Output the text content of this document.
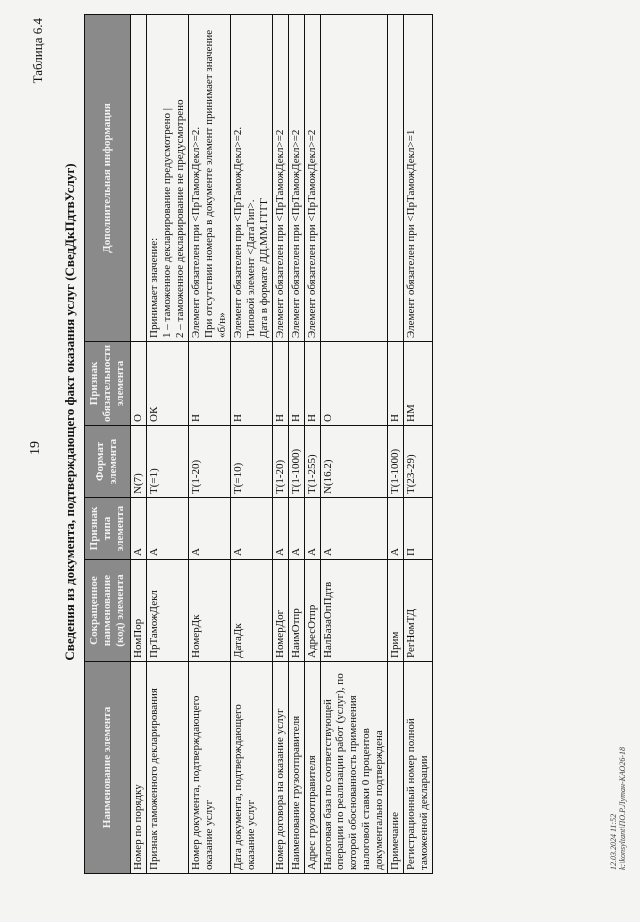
19
Таблица 6.4
Сведения из документа, подтверждающего факт оказания услуг (СведДкПдтвУслуг)
Наименование элемента	Сокращенное наименование (код) элемента	Признак типа элемента	Формат элемента	Признак обязательности элемента	Дополнительная информация
Номер по порядку	НомПор	А	N(7)	О	
Признак таможенного декларирования	ПрТаможДекл	А	T(=1)	ОК	Принимает значение:
1 – таможенное декларирование предусмотрено |
2 – таможенное декларирование не предусмотрено
Номер документа, подтверждающего оказание услуг	НомерДк	А	T(1-20)	Н	Элемент обязателен при <ПрТаможДекл>=2.
При отсутствии номера в документе элемент принимает значение «б/н»
Дата документа, подтверждающего оказание услуг	ДатаДк	А	T(=10)	Н	Элемент обязателен при <ПрТаможДекл>=2.
Типовой элемент <ДатаТип>.
Дата в формате ДД.ММ.ГГГГ
Номер договора на оказание услуг	НомерДог	А	T(1-20)	Н	Элемент обязателен при <ПрТаможДекл>=2
Наименование грузоотправителя	НаимОтпр	А	T(1-1000)	Н	Элемент обязателен при <ПрТаможДекл>=2
Адрес грузоотправителя	АдресОтпр	А	T(1-255)	Н	Элемент обязателен при <ПрТаможДекл>=2
Налоговая база по соответствующей операции по реализации работ (услуг), по которой обоснованность применения налоговой ставки 0 процентов документально подтверждена	НалБазаОпПдтв	А	N(16.2)	О	
Примечание	Прим	А	T(1-1000)	Н	
Регистрационный номер полной таможенной декларации	РегНомТД	П	T(23-29)	НМ	Элемент обязателен при <ПрТаможДекл>=1
12.03.2024 11:52 k:\konsyltant\ПО.Р.Лутан-КАО26-18
